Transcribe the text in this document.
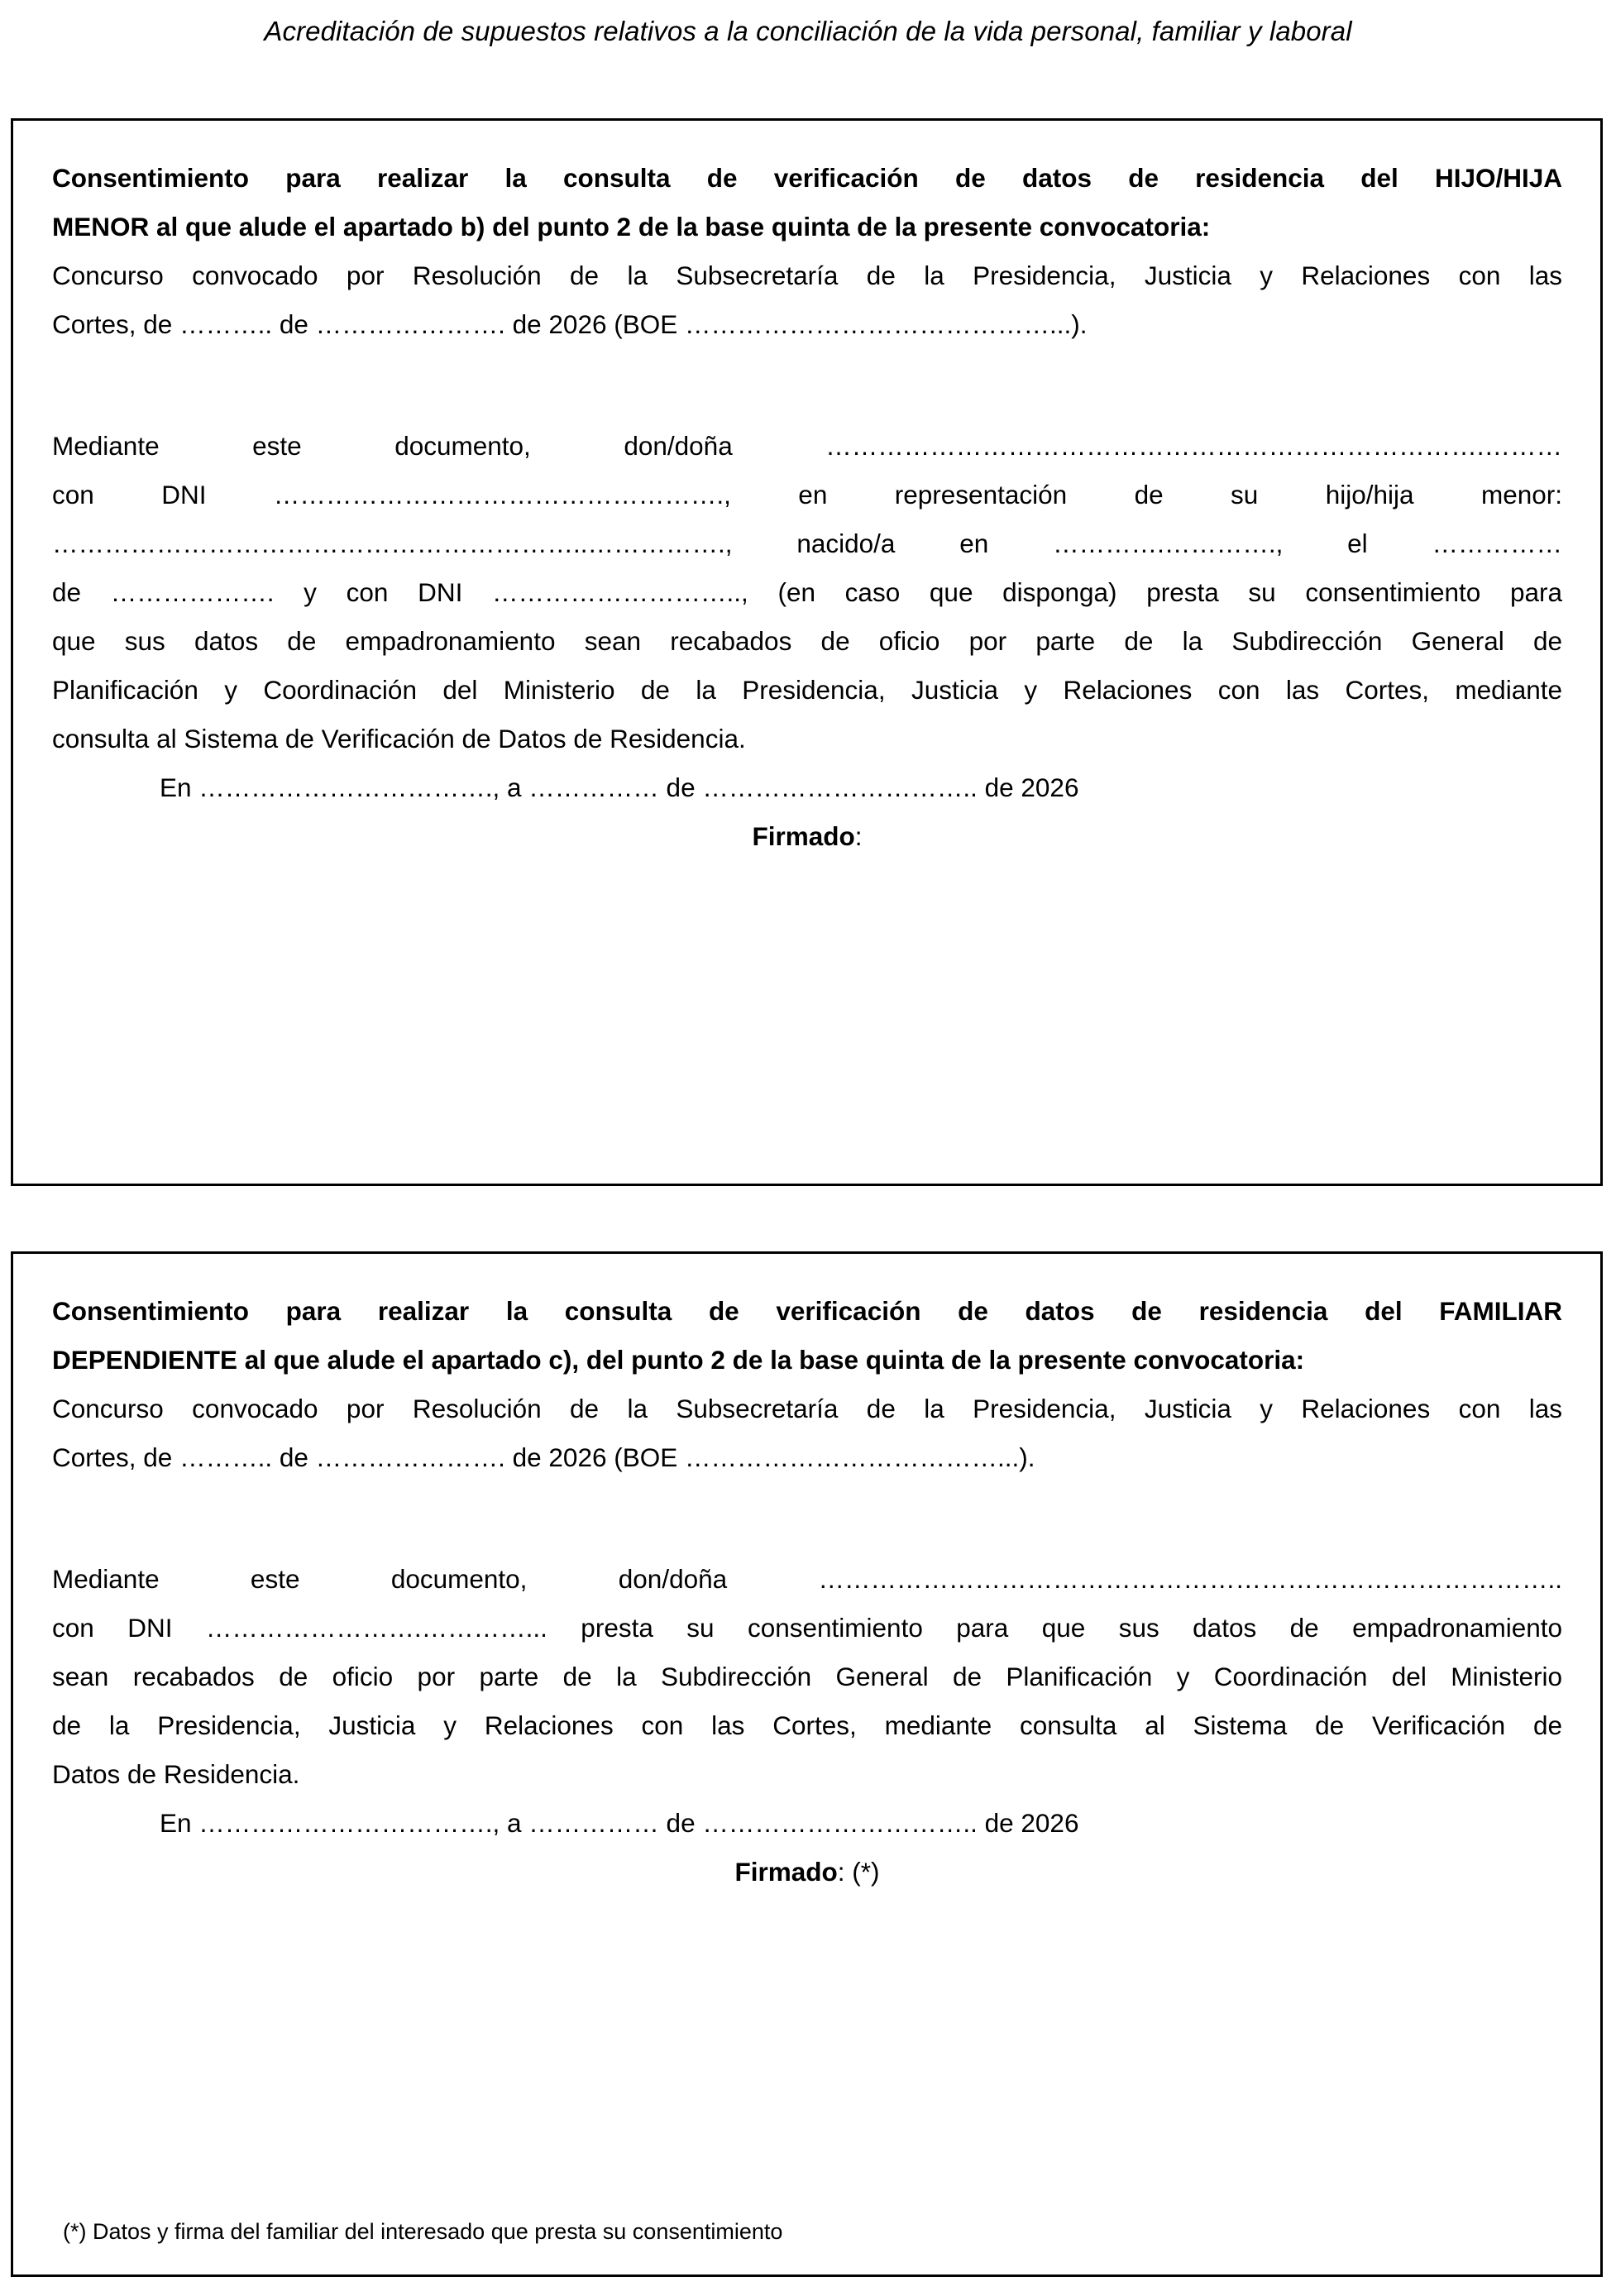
Acreditación de supuestos relativos a la conciliación de la vida personal, familiar y laboral

Consentimiento para realizar la consulta de verificación de datos de residencia del HIJO/HIJA
MENOR al que alude el apartado b) del punto 2 de la base quinta de la presente convocatoria:

Concurso convocado por Resolución de la Subsecretaría de la Presidencia, Justicia y Relaciones con las
Cortes, de ……….. de …………………. de 2026 (BOE ……………………………………...).

Mediante este documento, don/doña ………………………………………………………………….………
con DNI ……………………………………………., en representación de su hijo/hija menor:
……………………………………………………..……………., nacido/a en ………….…………., el ……………
de ………………. y con DNI ……………………….., (en caso que disponga) presta su consentimiento para
que sus datos de empadronamiento sean recabados de oficio por parte de la Subdirección General de
Planificación y Coordinación del Ministerio de la Presidencia, Justicia y Relaciones con las Cortes, mediante
consulta al Sistema de Verificación de Datos de Residencia.

En ……………………………., a …………… de ………………………….. de 2026

Firmado:

Consentimiento para realizar la consulta de verificación de datos de residencia del FAMILIAR
DEPENDIENTE al que alude el apartado c), del punto 2 de la base quinta de la presente convocatoria:

Concurso convocado por Resolución de la Subsecretaría de la Presidencia, Justicia y Relaciones con las
Cortes, de ……….. de …………………. de 2026 (BOE ………………………………...).

Mediante este documento, don/doña …………………………………………………………………………..
con DNI …………………….…………... presta su consentimiento para que sus datos de empadronamiento
sean recabados de oficio por parte de la Subdirección General de Planificación y Coordinación del Ministerio
de la Presidencia, Justicia y Relaciones con las Cortes, mediante consulta al Sistema de Verificación de
Datos de Residencia.

En ……………………………., a …………… de ………………………….. de 2026

Firmado: (*)

(*) Datos y firma del familiar del interesado que presta su consentimiento
